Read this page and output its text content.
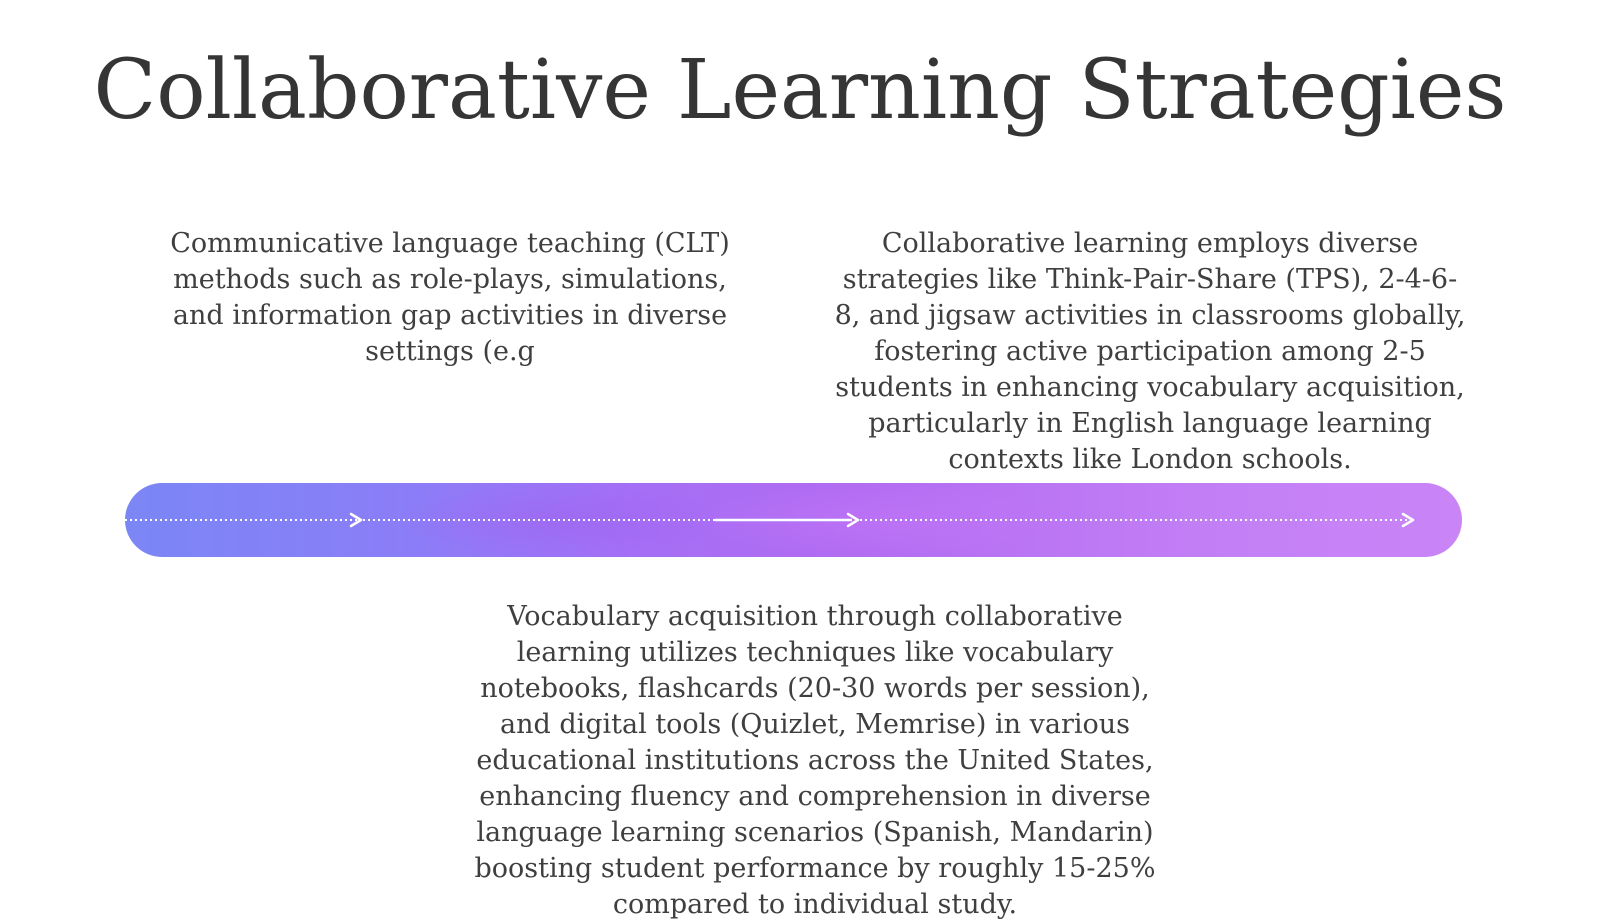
Collaborative Learning Strategies

Communicative language teaching (CLT) methods such as role-plays, simulations, and information gap activities in diverse settings (e.g

Collaborative learning employs diverse strategies like Think-Pair-Share (TPS), 2-4-6-8, and jigsaw activities in classrooms globally, fostering active participation among 2-5 students in enhancing vocabulary acquisition, particularly in English language learning contexts like London schools.

Vocabulary acquisition through collaborative learning utilizes techniques like vocabulary notebooks, flashcards (20-30 words per session), and digital tools (Quizlet, Memrise) in various educational institutions across the United States, enhancing fluency and comprehension in diverse language learning scenarios (Spanish, Mandarin) boosting student performance by roughly 15-25% compared to individual study.
